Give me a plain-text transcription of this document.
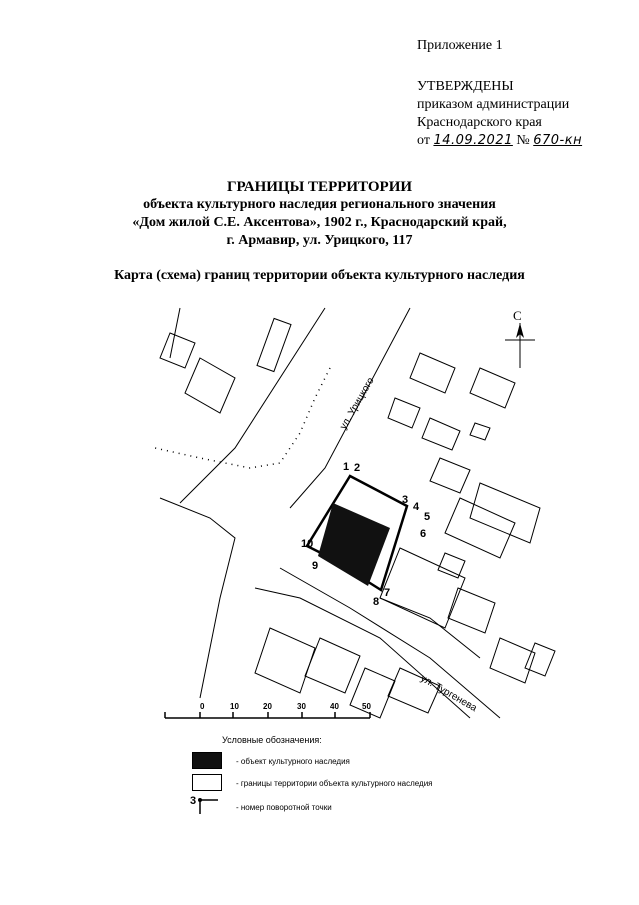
Приложение 1
УТВЕРЖДЕНЫ
приказом администрации
Краснодарского края
от 14.09.2021 № 670-кн
ГРАНИЦЫ ТЕРРИТОРИИ
объекта культурного наследия регионального значения
«Дом жилой С.Е. Аксентова», 1902 г., Краснодарский край,
г. Армавир, ул. Урицкого, 117
Карта (схема) границ территории объекта культурного наследия
С
ул. Урицкого
ул. Тургенева
1 2
3
4
5
6
7
8
9
10
0	10	20	30	40	50
Условные обозначения:
- объект культурного наследия
- границы территории объекта культурного наследия
3
- номер поворотной точки
